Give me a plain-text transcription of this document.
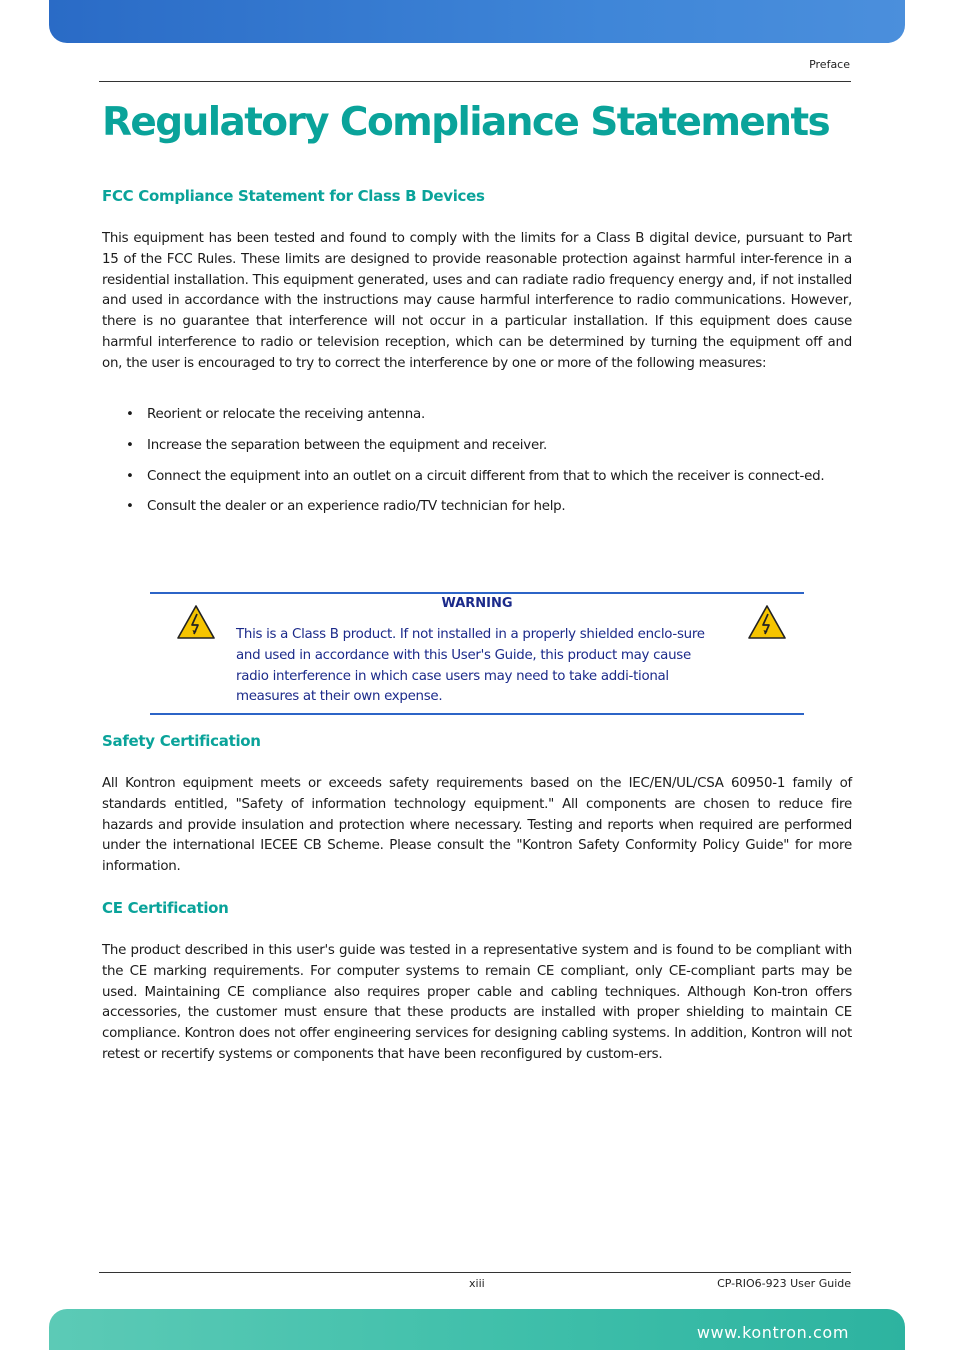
Preface
Regulatory Compliance Statements
FCC Compliance Statement for Class B Devices

This equipment has been tested and found to comply with the limits for a Class B digital device, pursuant to Part 15 of the FCC Rules. These limits are designed to provide reasonable protection against harmful inter-ference in a residential installation. This equipment generated, uses and can radiate radio frequency energy and, if not installed and used in accordance with the instructions may cause harmful interference to radio communications. However, there is no guarantee that interference will not occur in a particular installation. If this equipment does cause harmful interference to radio or television reception, which can be determined by turning the equipment off and on, the user is encouraged to try to correct the interference by one or more of the following measures:

• Reorient or relocate the receiving antenna.
• Increase the separation between the equipment and receiver.
• Connect the equipment into an outlet on a circuit different from that to which the receiver is connect-ed.
• Consult the dealer or an experience radio/TV technician for help.
WARNING

This is a Class B product. If not installed in a properly shielded enclo-sure and used in accordance with this User's Guide, this product may cause radio interference in which case users may need to take addi-tional measures at their own expense.

Safety Certification

All Kontron equipment meets or exceeds safety requirements based on the IEC/EN/UL/CSA 60950-1 family of standards entitled, "Safety of information technology equipment." All components are chosen to reduce fire hazards and provide insulation and protection where necessary. Testing and reports when required are performed under the international IECEE CB Scheme. Please consult the "Kontron Safety Conformity Policy Guide" for more information.

CE Certification

The product described in this user's guide was tested in a representative system and is found to be compliant with the CE marking requirements. For computer systems to remain CE compliant, only CE-compliant parts may be used. Maintaining CE compliance also requires proper cable and cabling techniques. Although Kon-tron offers accessories, the customer must ensure that these products are installed with proper shielding to maintain CE compliance. Kontron does not offer engineering services for designing cabling systems. In addition, Kontron will not retest or recertify systems or components that have been reconfigured by custom-ers.

xiii	CP-RIO6-923 User Guide
www.kontron.com
